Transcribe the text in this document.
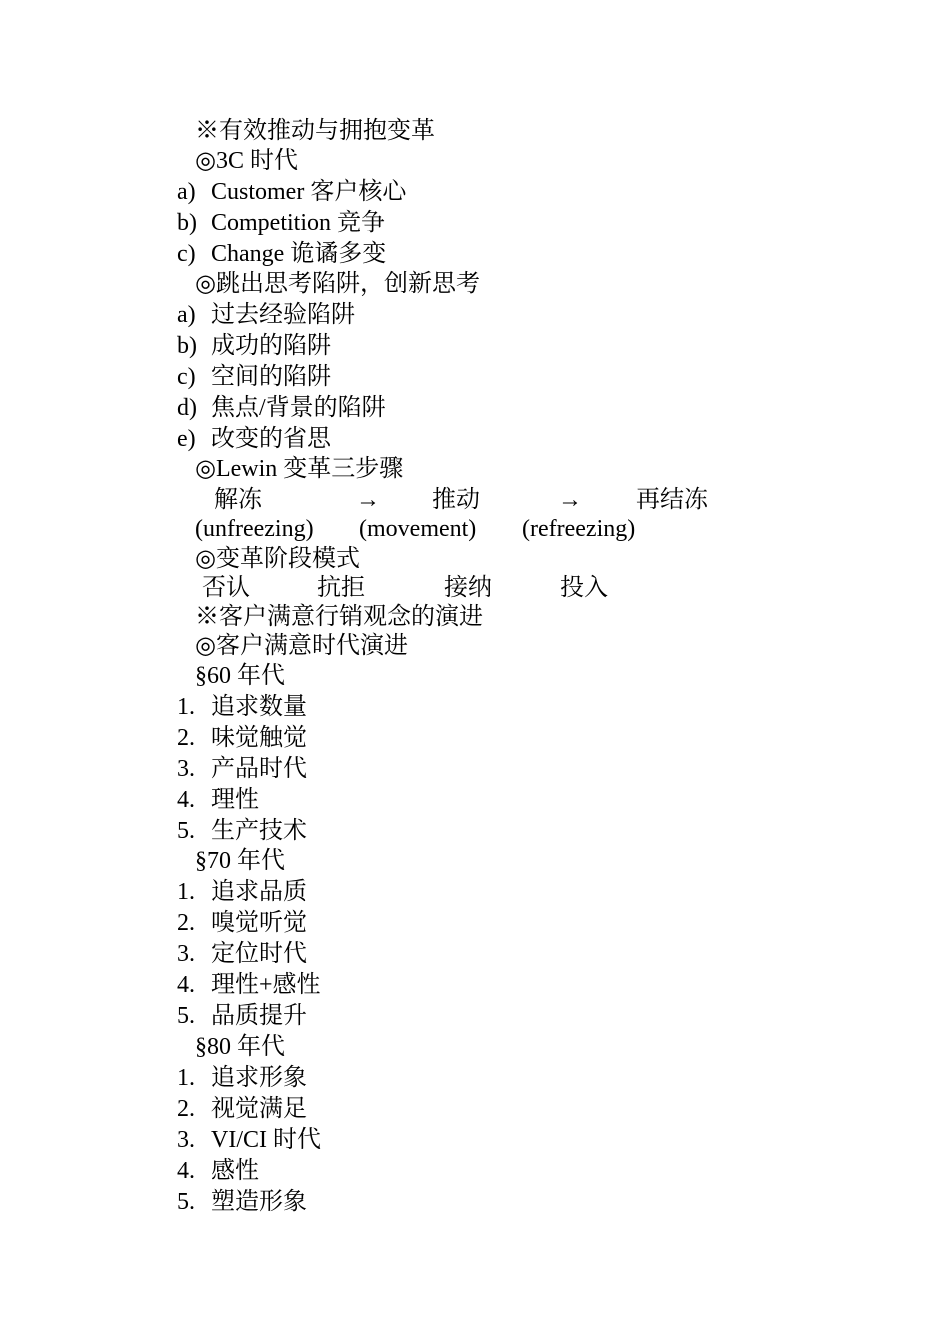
※有效推动与拥抱变革
◎3C 时代
a) Customer 客户核心
b) Competition 竞争
c) Change 诡谲多变
◎跳出思考陷阱，创新思考
a) 过去经验陷阱
b) 成功的陷阱
c) 空间的陷阱
d) 焦点/背景的陷阱
e) 改变的省思
◎Lewin 变革三步骤
解冻	→ 推动	→ 再结冻
(unfreezing) (movement) (refreezing)
◎变革阶段模式
否认	抗拒	接纳	投入
※客户满意行销观念的演进
◎客户满意时代演进
§60 年代
1. 追求数量
2. 味觉触觉
3. 产品时代
4. 理性
5. 生产技术
§70 年代
1. 追求品质
2. 嗅觉听觉
3. 定位时代
4. 理性+感性
5. 品质提升
§80 年代
1. 追求形象
2. 视觉满足
3. VI/CI 时代
4. 感性
5. 塑造形象
